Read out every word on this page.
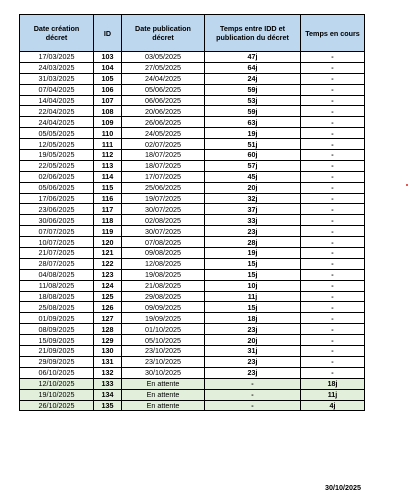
Date création décret	ID	Date publication décret	Temps entre IDD et publication du décret	Temps en cours
17/03/2025	103	03/05/2025	47j	-
24/03/2025	104	27/05/2025	64j	-
31/03/2025	105	24/04/2025	24j	-
07/04/2025	106	05/06/2025	59j	-
14/04/2025	107	06/06/2025	53j	-
22/04/2025	108	20/06/2025	59j	-
24/04/2025	109	26/06/2025	63j	-
05/05/2025	110	24/05/2025	19j	-
12/05/2025	111	02/07/2025	51j	-
19/05/2025	112	18/07/2025	60j	-
22/05/2025	113	18/07/2025	57j	-
02/06/2025	114	17/07/2025	45j	-
05/06/2025	115	25/06/2025	20j	-
17/06/2025	116	19/07/2025	32j	-
23/06/2025	117	30/07/2025	37j	-
30/06/2025	118	02/08/2025	33j	-
07/07/2025	119	30/07/2025	23j	-
10/07/2025	120	07/08/2025	28j	-
21/07/2025	121	09/08/2025	19j	-
28/07/2025	122	12/08/2025	15j	-
04/08/2025	123	19/08/2025	15j	-
11/08/2025	124	21/08/2025	10j	-
18/08/2025	125	29/08/2025	11j	-
25/08/2025	126	09/09/2025	15j	-
01/09/2025	127	19/09/2025	18j	-
08/09/2025	128	01/10/2025	23j	-
15/09/2025	129	05/10/2025	20j	-
21/09/2025	130	23/10/2025	31j	-
29/09/2025	131	23/10/2025	23j	-
06/10/2025	132	30/10/2025	23j	-
12/10/2025	133	En attente	-	18j
19/10/2025	134	En attente	-	11j
26/10/2025	135	En attente	-	4j
30/10/2025
